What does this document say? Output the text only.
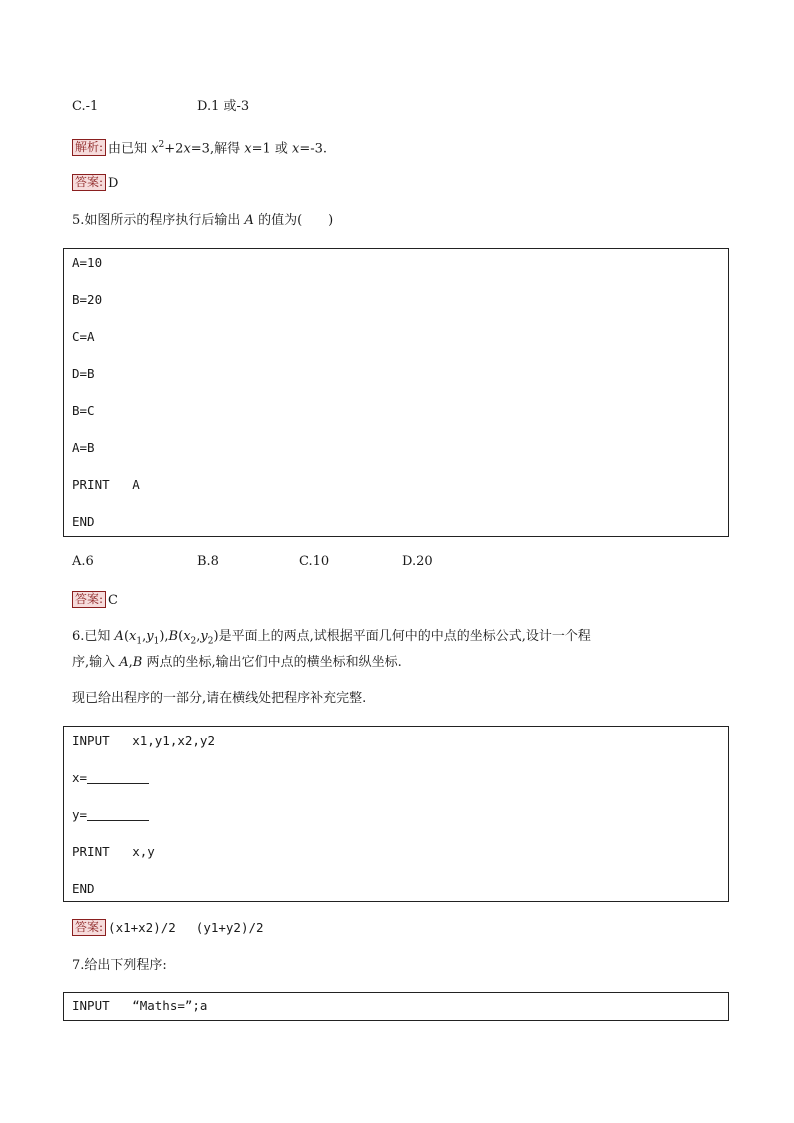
C.-1	D.1 或-3
解析: 由已知 $x^2+2x=3$,解得 x=1 或 x=-3.
答案: D
5.如图所示的程序执行后输出 A 的值为(　　)
A=10
B=20
C=A
D=B
B=C
A=B
PRINT   A
END
A.6	B.8	C.10	D.20
答案: C
6.已知 $A(x_1,y_1),B(x_2,y_2)$是平面上的两点,试根据平面几何中的中点的坐标公式,设计一个程
序,输入 A,B 两点的坐标,输出它们中点的横坐标和纵坐标.
现已给出程序的一部分,请在横线处把程序补充完整.
INPUT   x1,y1,x2,y2
x=
y=
PRINT   x,y
END
答案: (x1+x2)/2　 (y1+y2)/2
7.给出下列程序:
INPUT   “Maths=”;a
